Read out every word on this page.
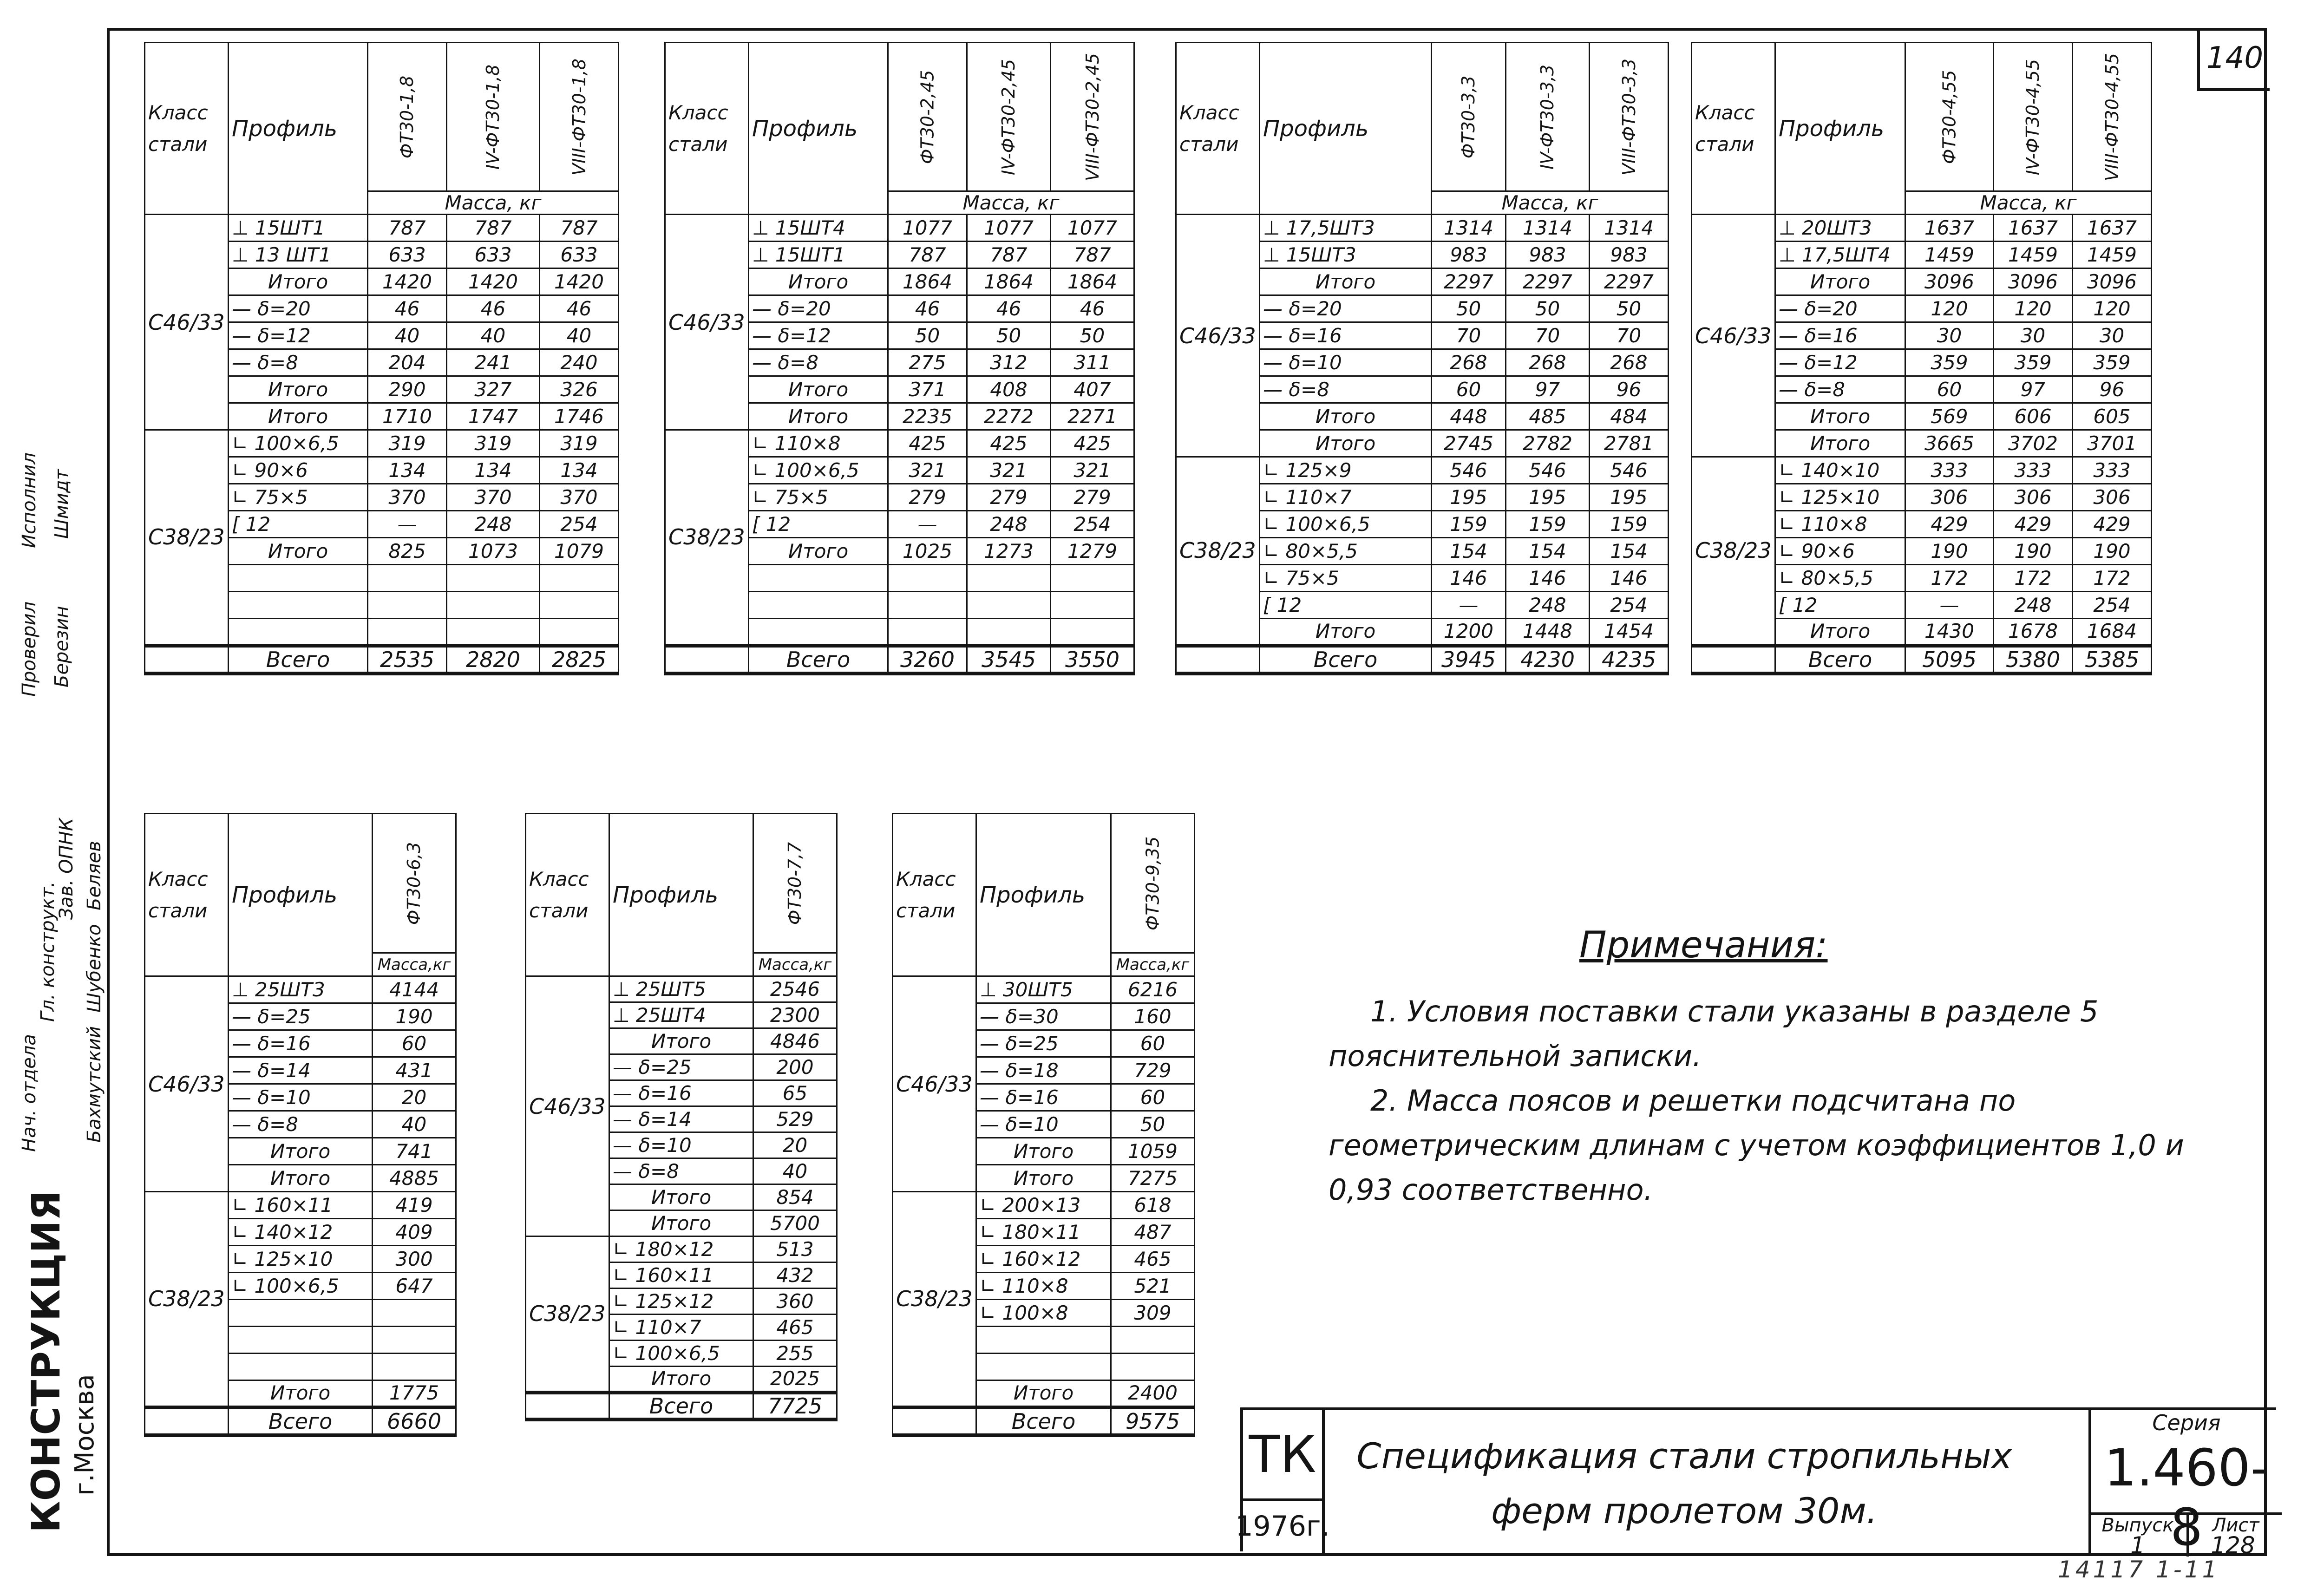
140
КОНСТРУКЦИЯ г.Москва
Нач. отдела Бахмутский
Гл. конструкт. Шубенко
Зав. ОПНК Беляев
Проверил Березин
Исполнил Шмидт
Класс стали	Профиль	ФТ30-1,8	IV-ФТ30-1,8	VIII-ФТ30-1,8

		Масса, кг		
С46/33	⊥ 15ШТ1	787	787	787
	⊥ 13 ШТ1	633	633	633
	Итого	1420	1420	1420
	— δ=20	46	46	46
	— δ=12	40	40	40
	— δ=8	204	241	240
	Итого	290	327	326
	Итого	1710	1747	1746
С38/23	∟ 100×6,5	319	319	319
	∟ 90×6	134	134	134
	∟ 75×5	370	370	370
	[ 12	—	248	254
	Итого	825	1073	1079

	Всего	2535	2820	2825
Класс стали	Профиль	ФТ30-2,45	IV-ФТ30-2,45	VIII-ФТ30-2,45

		Масса, кг		
С46/33	⊥ 15ШТ4	1077	1077	1077
	⊥ 15ШТ1	787	787	787
	Итого	1864	1864	1864
	— δ=20	46	46	46
	— δ=12	50	50	50
	— δ=8	275	312	311
	Итого	371	408	407
	Итого	2235	2272	2271
С38/23	∟ 110×8	425	425	425
	∟ 100×6,5	321	321	321
	∟ 75×5	279	279	279
	[ 12	—	248	254
	Итого	1025	1273	1279

	Всего	3260	3545	3550
Класс стали	Профиль	ФТ30-3,3	IV-ФТ30-3,3	VIII-ФТ30-3,3

		Масса, кг		
С46/33	⊥ 17,5ШТ3	1314	1314	1314
	⊥ 15ШТ3	983	983	983
	Итого	2297	2297	2297
	— δ=20	50	50	50
	— δ=16	70	70	70
	— δ=10	268	268	268
	— δ=8	60	97	96
	Итого	448	485	484
	Итого	2745	2782	2781
С38/23	∟ 125×9	546	546	546
	∟ 110×7	195	195	195
	∟ 100×6,5	159	159	159
	∟ 80×5,5	154	154	154
	∟ 75×5	146	146	146
	[ 12	—	248	254
	Итого	1200	1448	1454
	Всего	3945	4230	4235
Класс стали	Профиль	ФТ30-4,55	IV-ФТ30-4,55	VIII-ФТ30-4,55

		Масса, кг		
С46/33	⊥ 20ШТ3	1637	1637	1637
	⊥ 17,5ШТ4	1459	1459	1459
	Итого	3096	3096	3096
	— δ=20	120	120	120
	— δ=16	30	30	30
	— δ=12	359	359	359
	— δ=8	60	97	96
	Итого	569	606	605
	Итого	3665	3702	3701
С38/23	∟ 140×10	333	333	333
	∟ 125×10	306	306	306
	∟ 110×8	429	429	429
	∟ 90×6	190	190	190
	∟ 80×5,5	172	172	172
	[ 12	—	248	254
	Итого	1430	1678	1684
	Всего	5095	5380	5385
Класс стали	Профиль	ФТ30-6,3

		Масса,кг
С46/33	⊥ 25ШТ3	4144
	— δ=25	190
	— δ=16	60
	— δ=14	431
	— δ=10	20
	— δ=8	40
	Итого	741
	Итого	4885
С38/23	∟ 160×11	419
	∟ 140×12	409
	∟ 125×10	300
	∟ 100×6,5	647

	Итого	1775
	Всего	6660
Класс стали	Профиль	ФТ30-7,7

		Масса,кг
С46/33	⊥ 25ШТ5	2546
	⊥ 25ШТ4	2300
	Итого	4846
	— δ=25	200
	— δ=16	65
	— δ=14	529
	— δ=10	20
	— δ=8	40
	Итого	854
	Итого	5700
С38/23	∟ 180×12	513
	∟ 160×11	432
	∟ 125×12	360
	∟ 110×7	465
	∟ 100×6,5	255
	Итого	2025
	Всего	7725
Класс стали	Профиль	ФТ30-9,35

		Масса,кг
С46/33	⊥ 30ШТ5	6216
	— δ=30	160
	— δ=25	60
	— δ=18	729
	— δ=16	60
	— δ=10	50
	Итого	1059
	Итого	7275
С38/23	∟ 200×13	618
	∟ 180×11	487
	∟ 160×12	465
	∟ 110×8	521
	∟ 100×8	309

	Итого	2400
	Всего	9575
Примечания:
1. Условия поставки стали указаны в разделе 5 пояснительной записки.
2. Масса поясов и решетки подсчитана по геометрическим длинам с учетом коэффициентов 1,0 и 0,93 соответственно.
ТК
1976г.
Спецификация стали стропильных
ферм пролетом 30м.
Серия
1.460-8
Выпуск	Лист
1	128
14117 1-11
